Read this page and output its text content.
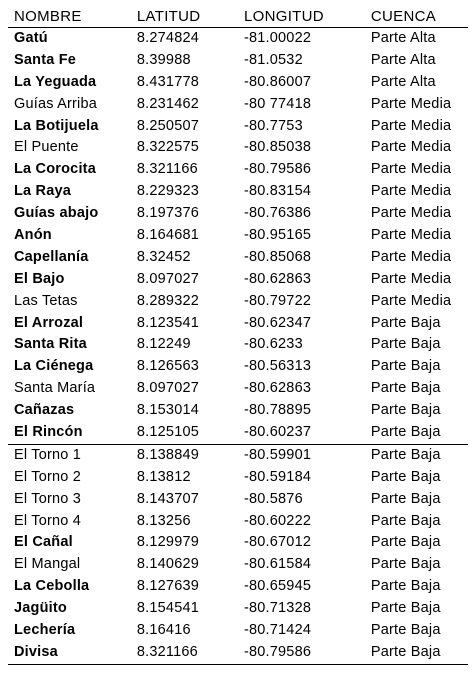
NOMBRE	LATITUD	LONGITUD	CUENCA
Gatú	8.274824	-81.00022	Parte Alta
Santa Fe	8.39988	-81.0532	Parte Alta
La Yeguada	8.431778	-80.86007	Parte Alta
Guías Arriba	8.231462	-80 77418	Parte Media
La Botijuela	8.250507	-80.7753	Parte Media
El Puente	8.322575	-80.85038	Parte Media
La Corocita	8.321166	-80.79586	Parte Media
La Raya	8.229323	-80.83154	Parte Media
Guías abajo	8.197376	-80.76386	Parte Media
Anón	8.164681	-80.95165	Parte Media
Capellanía	8.32452	-80.85068	Parte Media
El Bajo	8.097027	-80.62863	Parte Media
Las Tetas	8.289322	-80.79722	Parte Media
El Arrozal	8.123541	-80.62347	Parte Baja
Santa Rita	8.12249	-80.6233	Parte Baja
La Ciénega	8.126563	-80.56313	Parte Baja
Santa María	8.097027	-80.62863	Parte Baja
Cañazas	8.153014	-80.78895	Parte Baja
El Rincón	8.125105	-80.60237	Parte Baja
El Torno 1	8.138849	-80.59901	Parte Baja
El Torno 2	8.13812	-80.59184	Parte Baja
El Torno 3	8.143707	-80.5876	Parte Baja
El Torno 4	8.13256	-80.60222	Parte Baja
El Cañal	8.129979	-80.67012	Parte Baja
El Mangal	8.140629	-80.61584	Parte Baja
La Cebolla	8.127639	-80.65945	Parte Baja
Jagüito	8.154541	-80.71328	Parte Baja
Lechería	8.16416	-80.71424	Parte Baja
Divisa	8.321166	-80.79586	Parte Baja
